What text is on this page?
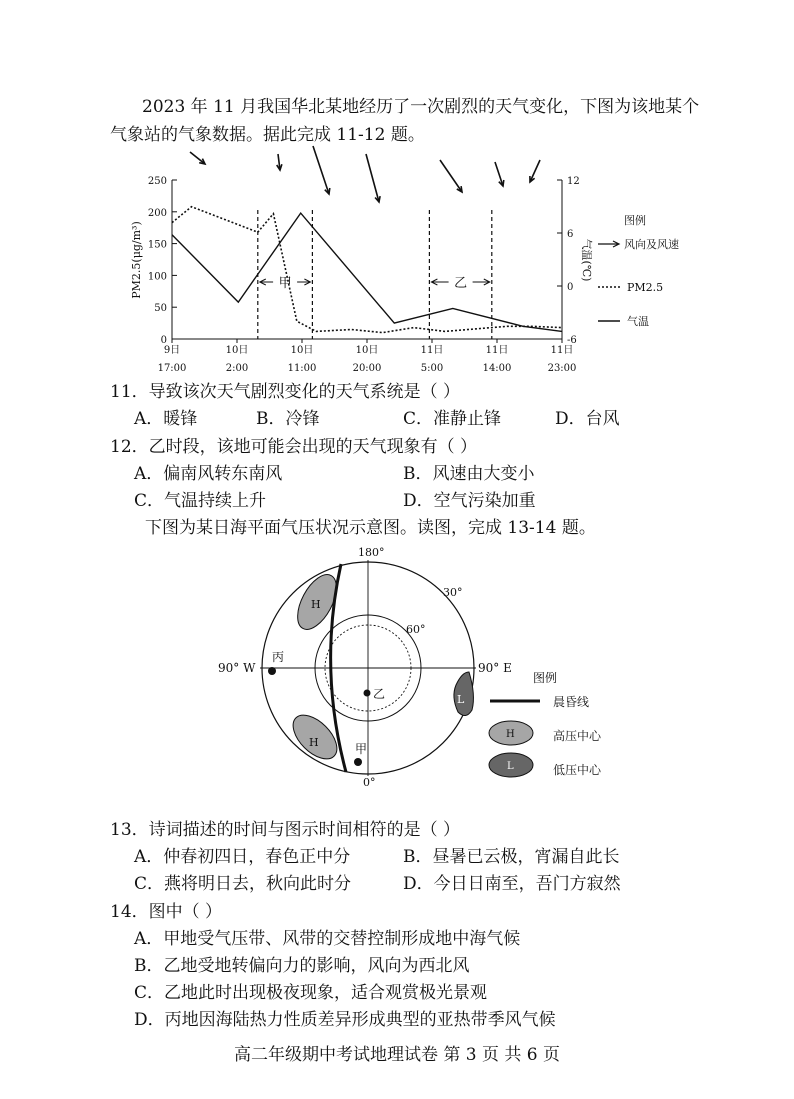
2023 年 11 月我国华北某地经历了一次剧烈的天气变化，下图为该地某个
气象站的气象数据。据此完成 11-12 题。
0
50
100
150
200
250
-6
0
6
12
9日
17:00
10日
2:00
10日
11:00
10日
20:00
11日
5:00
11日
14:00
11日
23:00
PM2.5(μg/m³)	气温(℃)
甲	乙
图例
风向及风速
PM2.5
气温
11．导致该次天气剧烈变化的天气系统是（ ）
A．暖锋	B．冷锋	C．准静止锋	D．台风
12．乙时段，该地可能会出现的天气现象有（ ）
A．偏南风转东南风	B．风速由大变小
C．气温持续上升	D．空气污染加重
下图为某日海平面气压状况示意图。读图，完成 13-14 题。
H
H
L
丙
乙
甲
180°
30°
60°
90° W	90° E
0°
图例
晨昏线
H	高压中心
L	低压中心
13．诗词描述的时间与图示时间相符的是（ ）
A．仲春初四日，春色正中分	B．昼暑已云极，宵漏自此长
C．燕将明日去，秋向此时分	D．今日日南至，吾门方寂然
14．图中（ ）
A．甲地受气压带、风带的交替控制形成地中海气候
B．乙地受地转偏向力的影响，风向为西北风
C．乙地此时出现极夜现象，适合观赏极光景观
D．丙地因海陆热力性质差异形成典型的亚热带季风气候
高二年级期中考试地理试卷 第 3 页 共 6 页
